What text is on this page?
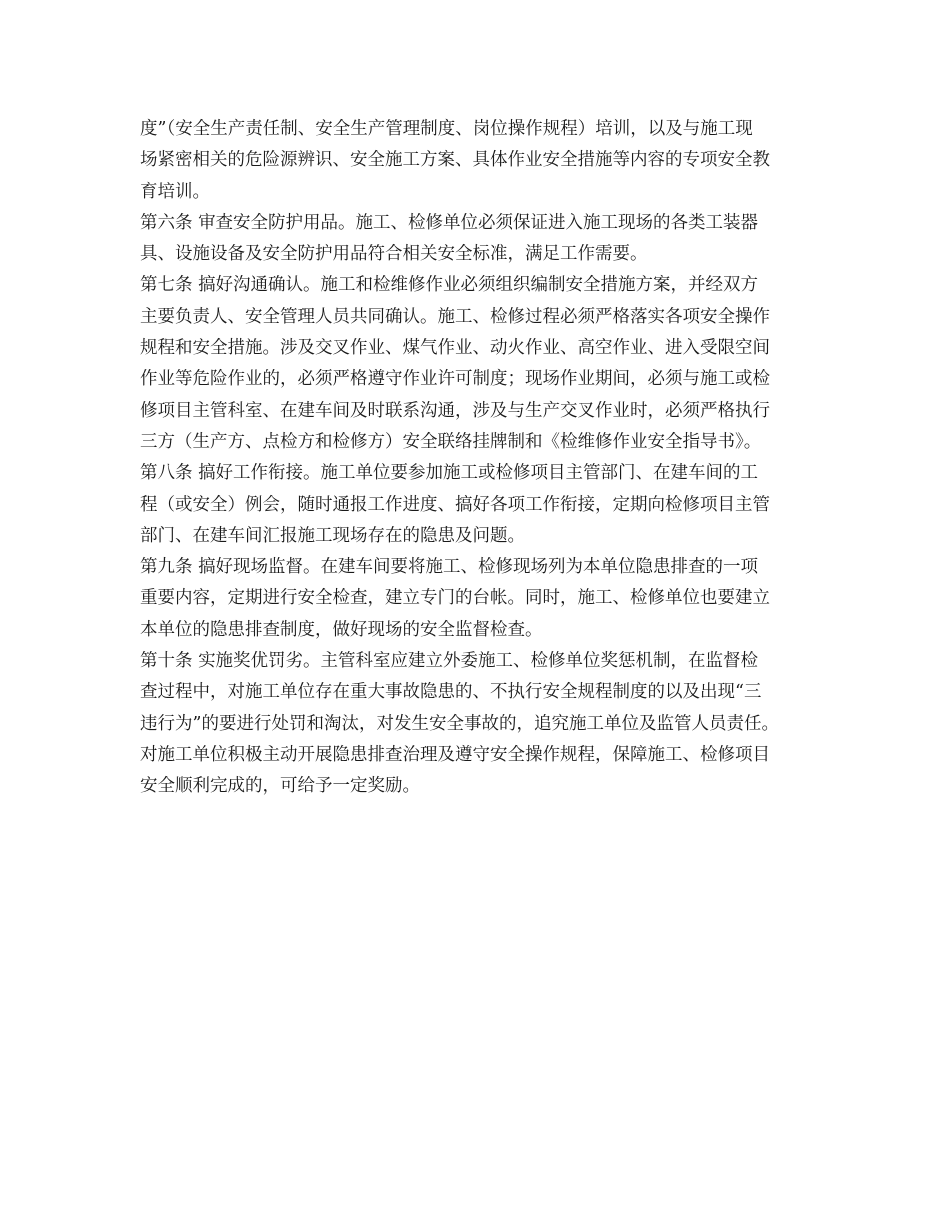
度”（安全生产责任制、安全生产管理制度、岗位操作规程）培训，以及与施工现
场紧密相关的危险源辨识、安全施工方案、具体作业安全措施等内容的专项安全教
育培训。

第六条 审查安全防护用品。施工、检修单位必须保证进入施工现场的各类工装器
具、设施设备及安全防护用品符合相关安全标准，满足工作需要。

第七条 搞好沟通确认。施工和检维修作业必须组织编制安全措施方案，并经双方
主要负责人、安全管理人员共同确认。施工、检修过程必须严格落实各项安全操作
规程和安全措施。涉及交叉作业、煤气作业、动火作业、高空作业、进入受限空间
作业等危险作业的，必须严格遵守作业许可制度；现场作业期间，必须与施工或检
修项目主管科室、在建车间及时联系沟通，涉及与生产交叉作业时，必须严格执行
三方（生产方、点检方和检修方）安全联络挂牌制和《检维修作业安全指导书》。

第八条 搞好工作衔接。施工单位要参加施工或检修项目主管部门、在建车间的工
程（或安全）例会，随时通报工作进度、搞好各项工作衔接，定期向检修项目主管
部门、在建车间汇报施工现场存在的隐患及问题。

第九条 搞好现场监督。在建车间要将施工、检修现场列为本单位隐患排查的一项
重要内容，定期进行安全检查，建立专门的台帐。同时，施工、检修单位也要建立
本单位的隐患排查制度，做好现场的安全监督检查。

第十条 实施奖优罚劣。主管科室应建立外委施工、检修单位奖惩机制，在监督检
查过程中，对施工单位存在重大事故隐患的、不执行安全规程制度的以及出现“三
违行为”的要进行处罚和淘汰，对发生安全事故的，追究施工单位及监管人员责任。
对施工单位积极主动开展隐患排查治理及遵守安全操作规程，保障施工、检修项目
安全顺利完成的，可给予一定奖励。
